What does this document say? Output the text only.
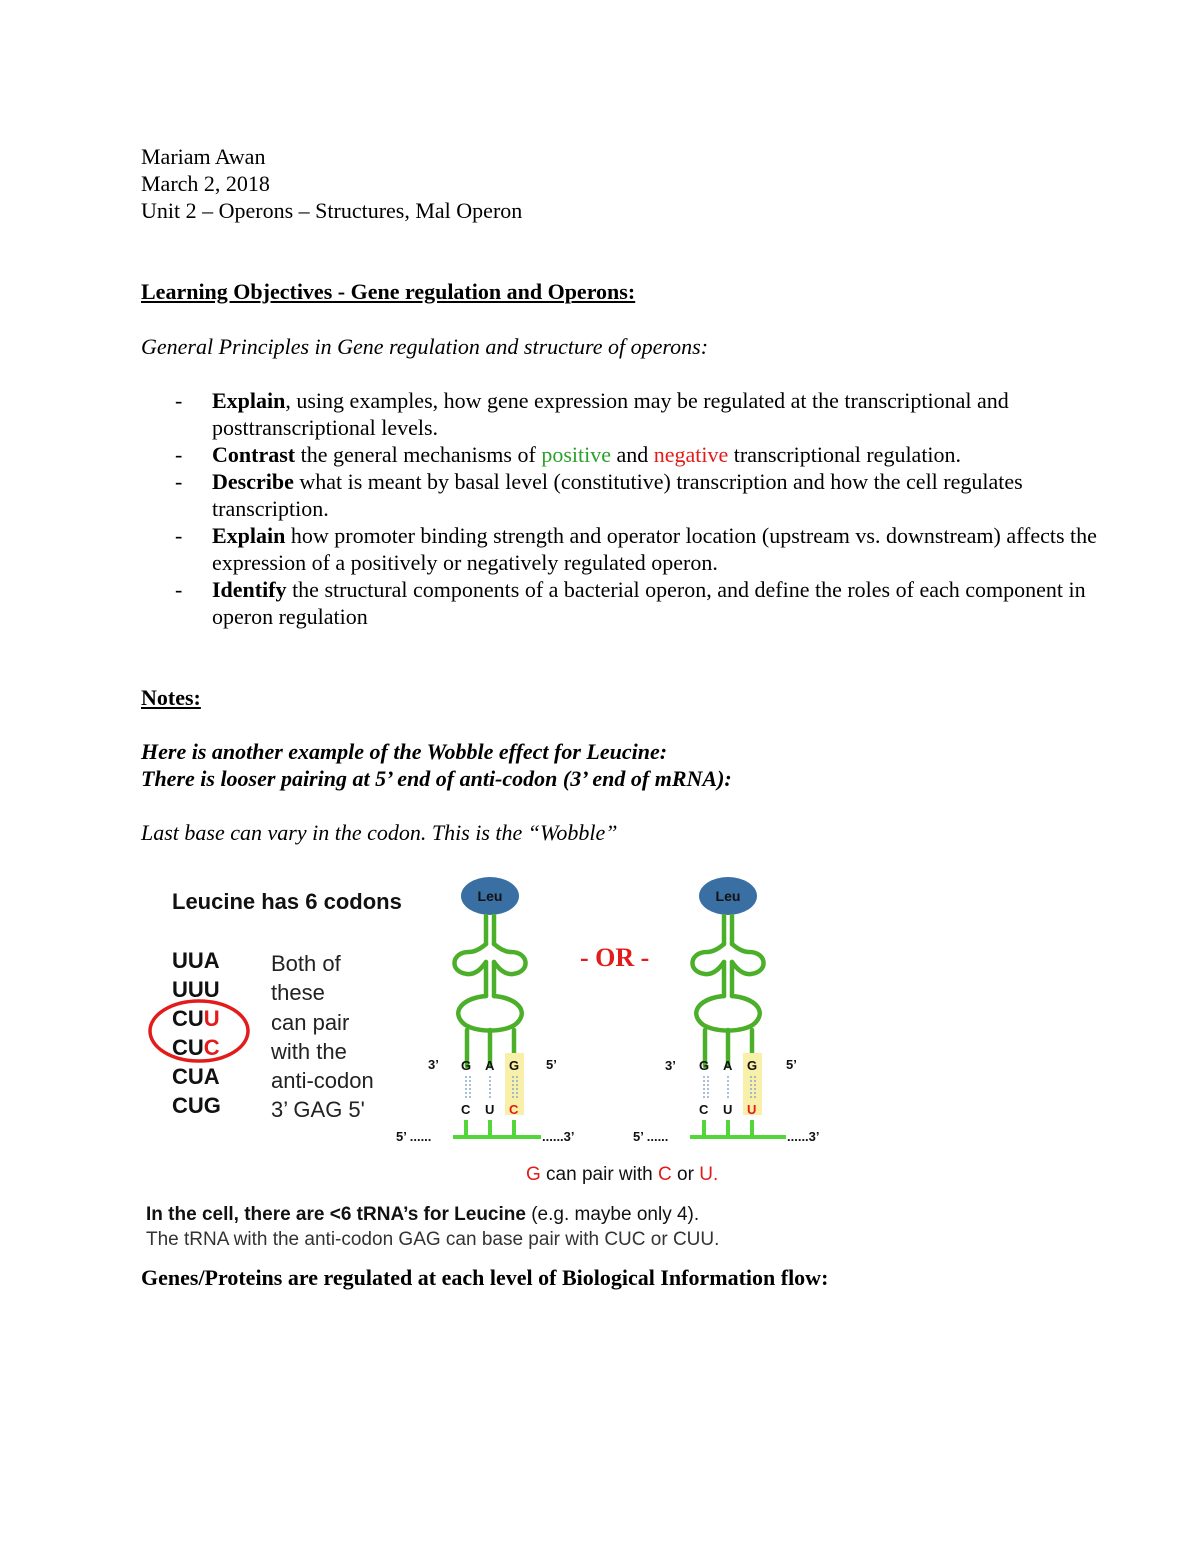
Mariam Awan
March 2, 2018
Unit 2 – Operons – Structures, Mal Operon
Learning Objectives - Gene regulation and Operons:
General Principles in Gene regulation and structure of operons:
- Explain, using examples, how gene expression may be regulated at the transcriptional and posttranscriptional levels.
- Contrast the general mechanisms of positive and negative transcriptional regulation.
- Describe what is meant by basal level (constitutive) transcription and how the cell regulates transcription.
- Explain how promoter binding strength and operator location (upstream vs. downstream) affects the expression of a positively or negatively regulated operon.
- Identify the structural components of a bacterial operon, and define the roles of each component in operon regulation
Notes:
Here is another example of the Wobble effect for Leucine:
There is looser pairing at 5’ end of anti-codon (3’ end of mRNA):
Last base can vary in the codon. This is the “Wobble”
Leucine has 6 codons
UUA
UUU
CUU
CUC
CUA
CUG
Both of
these
can pair
with the
anti-codon
3’ GAG 5'
- OR -
Leu
3’	5’
G A G
C U C
5’ ......	......3’
Leu
3’	5’
G A G
C U U
5’ ......	......3’
G can pair with C or U.
In the cell, there are <6 tRNA’s for Leucine (e.g. maybe only 4).
The tRNA with the anti-codon GAG can base pair with CUC or CUU.
Genes/Proteins are regulated at each level of Biological Information flow:
